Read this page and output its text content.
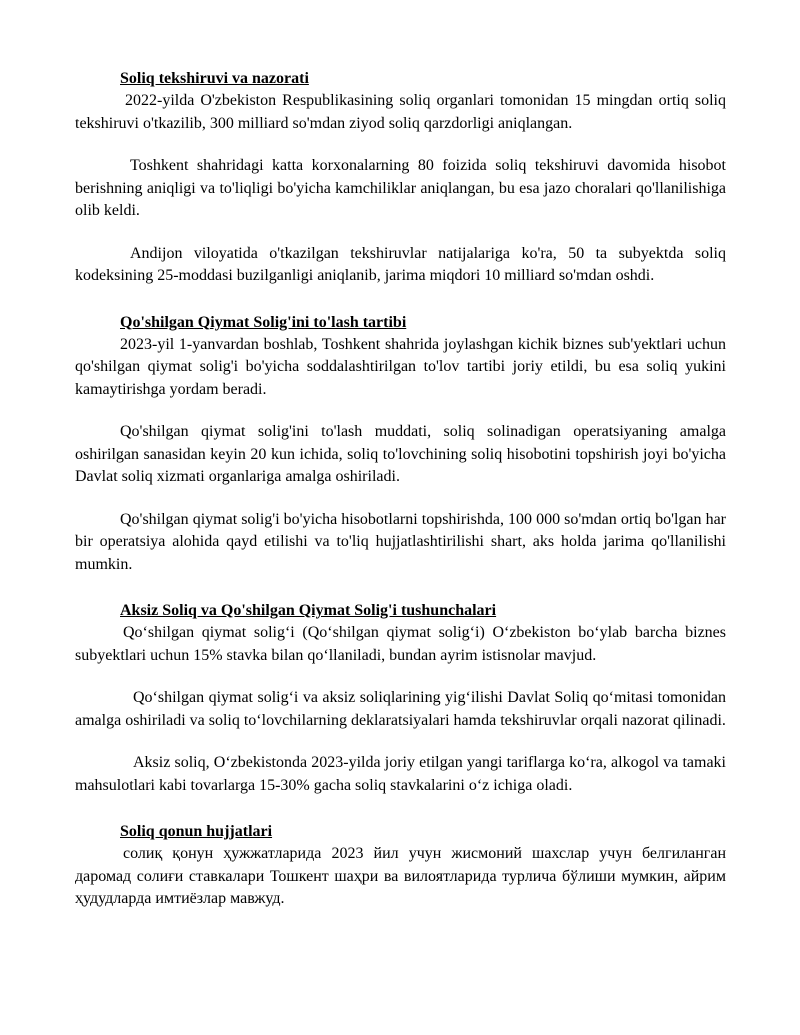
Soliq tekshiruvi va nazorati

2022-yilda O'zbekiston Respublikasining soliq organlari tomonidan 15 mingdan ortiq soliq tekshiruvi o'tkazilib, 300 milliard so'mdan ziyod soliq qarzdorligi aniqlangan.

Toshkent shahridagi katta korxonalarning 80 foizida soliq tekshiruvi davomida hisobot berishning aniqligi va to'liqligi bo'yicha kamchiliklar aniqlangan, bu esa jazo choralari qo'llanilishiga olib keldi.

Andijon viloyatida o'tkazilgan tekshiruvlar natijalariga ko'ra, 50 ta subyektda soliq kodeksining 25-moddasi buzilganligi aniqlanib, jarima miqdori 10 milliard so'mdan oshdi.

Qo'shilgan Qiymat Solig'ini to'lash tartibi

2023-yil 1-yanvardan boshlab, Toshkent shahrida joylashgan kichik biznes sub'yektlari uchun qo'shilgan qiymat solig'i bo'yicha soddalashtirilgan to'lov tartibi joriy etildi, bu esa soliq yukini kamaytirishga yordam beradi.

Qo'shilgan qiymat solig'ini to'lash muddati, soliq solinadigan operatsiyaning amalga oshirilgan sanasidan keyin 20 kun ichida, soliq to'lovchining soliq hisobotini topshirish joyi bo'yicha Davlat soliq xizmati organlariga amalga oshiriladi.

Qo'shilgan qiymat solig'i bo'yicha hisobotlarni topshirishda, 100 000 so'mdan ortiq bo'lgan har bir operatsiya alohida qayd etilishi va to'liq hujjatlashtirilishi shart, aks holda jarima qo'llanilishi mumkin.

Aksiz Soliq va Qo'shilgan Qiymat Solig'i tushunchalari

Qo‘shilgan qiymat solig‘i (Qo‘shilgan qiymat solig‘i) O‘zbekiston bo‘ylab barcha biznes subyektlari uchun 15% stavka bilan qo‘llaniladi, bundan ayrim istisnolar mavjud.

Qo‘shilgan qiymat solig‘i va aksiz soliqlarining yig‘ilishi Davlat Soliq qo‘mitasi tomonidan amalga oshiriladi va soliq to‘lovchilarning deklaratsiyalari hamda tekshiruvlar orqali nazorat qilinadi.

Aksiz soliq, O‘zbekistonda 2023-yilda joriy etilgan yangi tariflarga ko‘ra, alkogol va tamaki mahsulotlari kabi tovarlarga 15-30% gacha soliq stavkalarini o‘z ichiga oladi.

Soliq qonun hujjatlari

солиқ қонун ҳужжатларида 2023 йил учун жисмоний шахслар учун белгиланган даромад солиғи ставкалари Тошкент шаҳри ва вилоятларида турлича бўлиши мумкин, айрим ҳудудларда имтиёзлар мавжуд.
